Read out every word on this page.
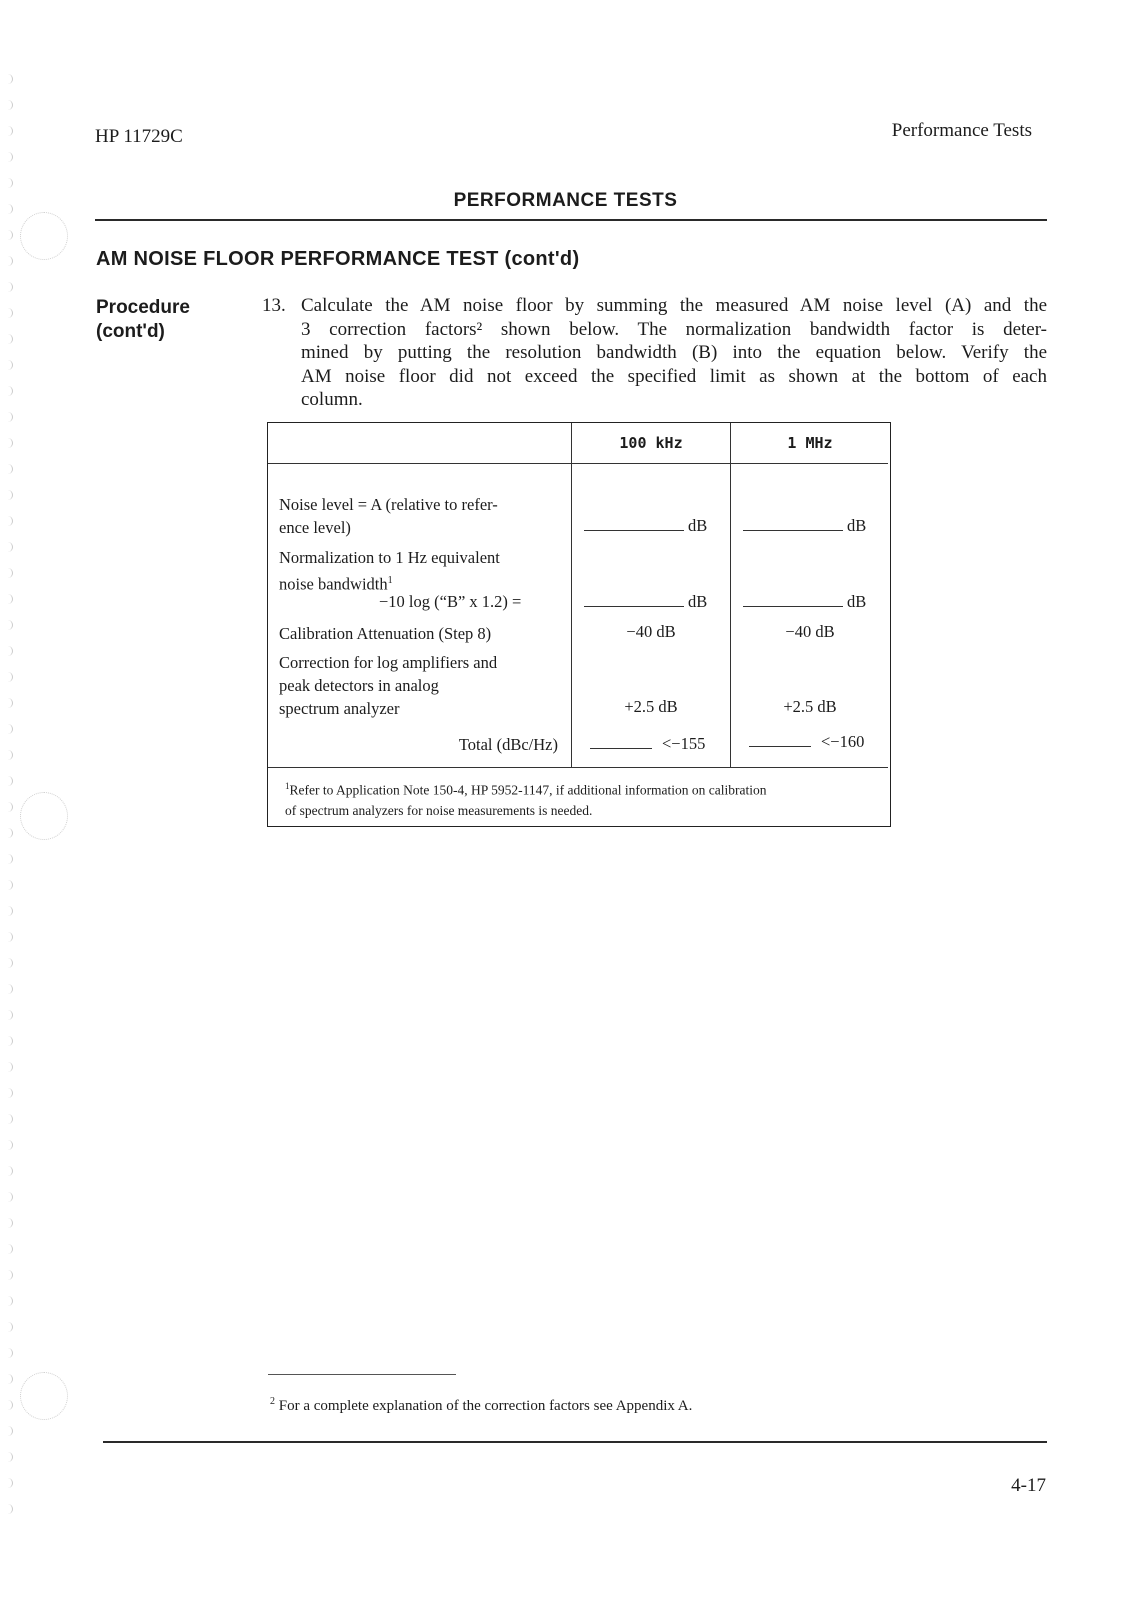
HP 11729C	Performance Tests
PERFORMANCE TESTS
AM NOISE FLOOR PERFORMANCE TEST (cont'd)
Procedure
(cont'd)
13. Calculate the AM noise floor by summing the measured AM noise level (A) and the
3 correction factors² shown below. The normalization bandwidth factor is deter-
mined by putting the resolution bandwidth (B) into the equation below. Verify the
AM noise floor did not exceed the specified limit as shown at the bottom of each
column.
100 kHz	1 MHz
Noise level = A (relative to refer-
ence level)	dB	dB
Normalization to 1 Hz equivalent
noise bandwidth$^1$
−10 log (“B” x 1.2) =	dB	dB
Calibration Attenuation (Step 8)	−40 dB	−40 dB
Correction for log amplifiers and
peak detectors in analog
spectrum analyzer	+2.5 dB	+2.5 dB
Total (dBc/Hz)	<−155	<−160
$^1$Refer to Application Note 150-4, HP 5952-1147, if additional information on calibration
of spectrum analyzers for noise measurements is needed.
$^2$ For a complete explanation of the correction factors see Appendix A.
4-17
